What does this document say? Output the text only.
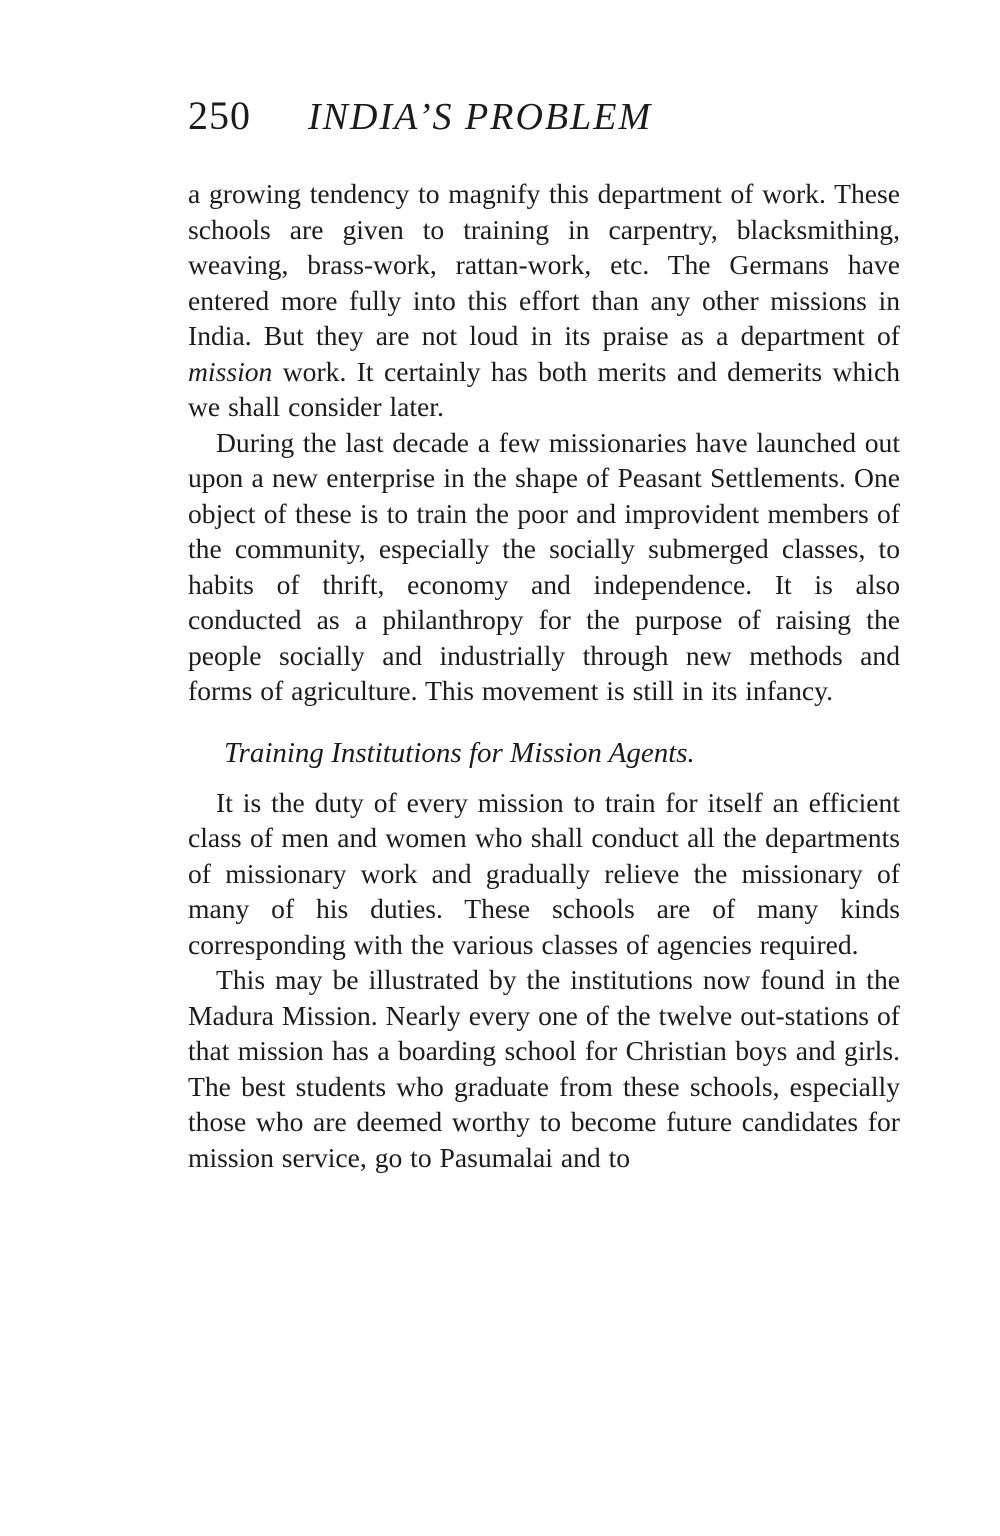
250	INDIA’S PROBLEM

a growing tendency to magnify this department of work. These schools are given to training in carpentry, blacksmithing, weaving, brass-work, rattan-work, etc. The Germans have entered more fully into this effort than any other missions in India. But they are not loud in its praise as a department of mission work. It certainly has both merits and demerits which we shall consider later.

During the last decade a few missionaries have launched out upon a new enterprise in the shape of Peasant Settlements. One object of these is to train the poor and improvident members of the community, especially the socially submerged classes, to habits of thrift, economy and independence. It is also conducted as a philanthropy for the purpose of raising the people socially and industrially through new methods and forms of agriculture. This movement is still in its infancy.

Training Institutions for Mission Agents.

It is the duty of every mission to train for itself an efficient class of men and women who shall conduct all the departments of missionary work and gradually relieve the missionary of many of his duties. These schools are of many kinds corresponding with the various classes of agencies required.

This may be illustrated by the institutions now found in the Madura Mission. Nearly every one of the twelve out-stations of that mission has a boarding school for Christian boys and girls. The best students who graduate from these schools, especially those who are deemed worthy to become future candidates for mission service, go to Pasumalai and to
